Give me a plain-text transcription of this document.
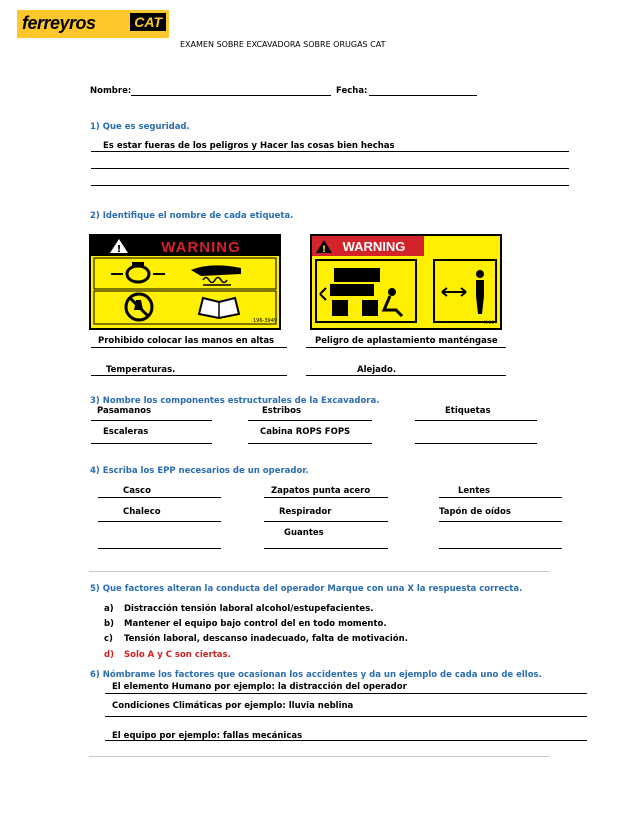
ferreyros	CAT
EXAMEN SOBRE EXCAVADORA SOBRE ORUGAS CAT
Nombre:	Fecha:
1) Que es seguridad.
Es estar fueras de los peligros y Hacer las cosas bien hechas
2) Identifique el nombre de cada etiqueta.
!	WARNING
196-3949
! WARNING
M-06
Prohibido colocar las manos en altas	Peligro de aplastamiento manténgase
Temperaturas.	Alejado.
3) Nombre los componentes estructurales de la Excavadora.
Pasamanos	Estribos	Etiquetas
Escaleras	Cabina ROPS FOPS
4) Escriba los EPP necesarios de un operador.
Casco	Zapatos punta acero	Lentes
Chaleco	Respirador	Tapón de oídos
Guantes
5) Que factores alteran la conducta del operador Marque con una X la respuesta correcta.
a) Distracción tensión laboral alcohol/estupefacientes.
b) Mantener el equipo bajo control del en todo momento.
c) Tensión laboral, descanso inadecuado, falta de motivación.
d) Solo A y C son ciertas.
6) Nómbrame los factores que ocasionan los accidentes y da un ejemplo de cada uno de ellos.
El elemento Humano por ejemplo: la distracción del operador
Condiciones Climáticas por ejemplo: lluvia neblina
El equipo por ejemplo: fallas mecánicas
